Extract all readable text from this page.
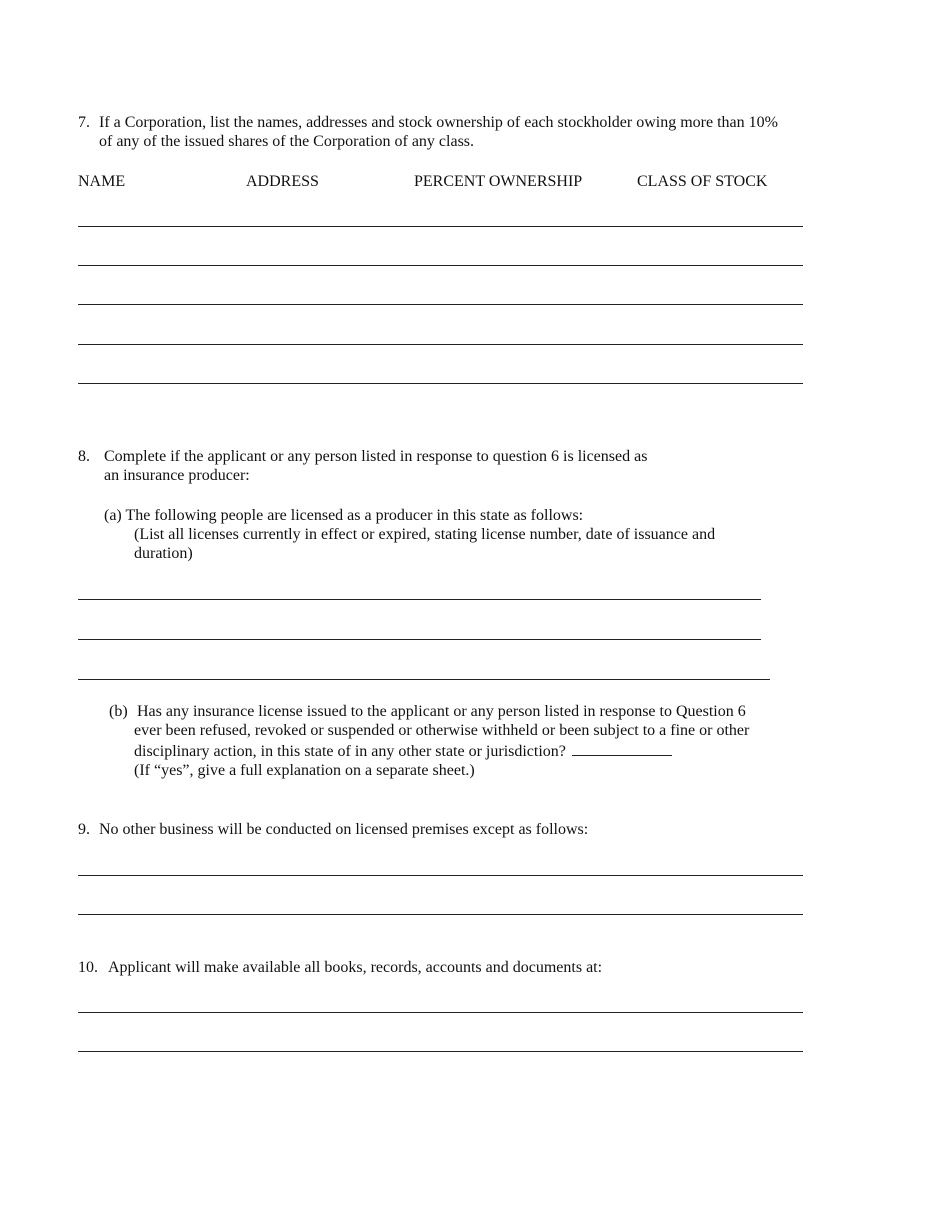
7. If a Corporation, list the names, addresses and stock ownership of each stockholder owing more than 10%
of any of the issued shares of the Corporation of any class.
NAME	ADDRESS	PERCENT OWNERSHIP	CLASS OF STOCK
8. Complete if the applicant or any person listed in response to question 6 is licensed as
an insurance producer:
(a) The following people are licensed as a producer in this state as follows:
(List all licenses currently in effect or expired, stating license number, date of issuance and
duration)
(b) Has any insurance license issued to the applicant or any person listed in response to Question 6
ever been refused, revoked or suspended or otherwise withheld or been subject to a fine or other
disciplinary action, in this state of in any other state or jurisdiction?
(If “yes”, give a full explanation on a separate sheet.)
9. No other business will be conducted on licensed premises except as follows:
10. Applicant will make available all books, records, accounts and documents at:
